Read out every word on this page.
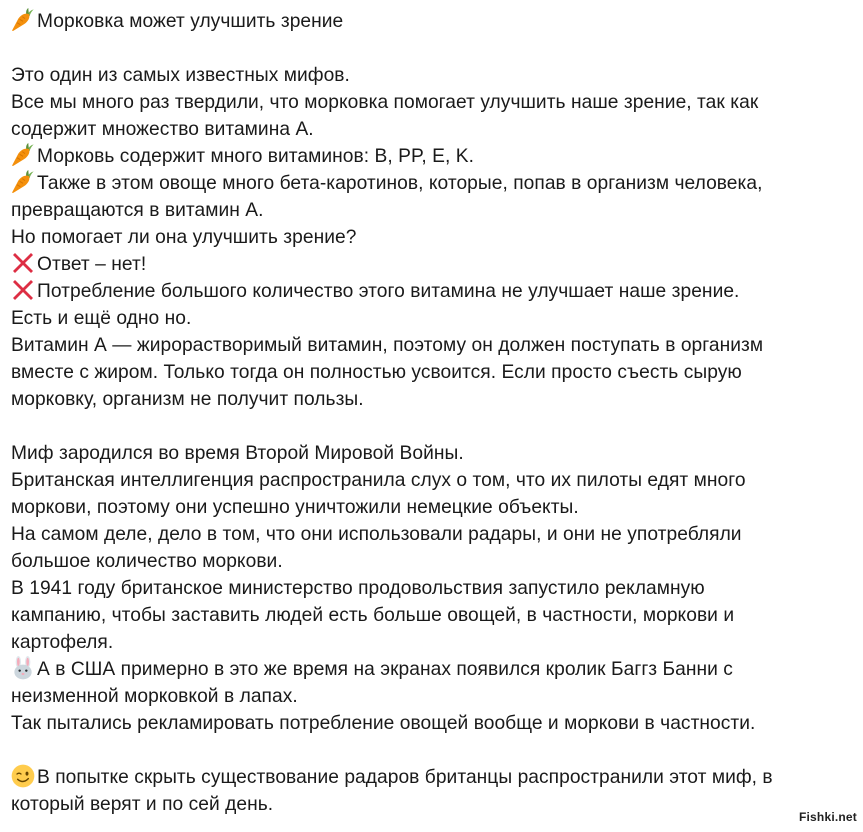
Морковка может улучшить зрение
Это один из самых известных мифов.
Все мы много раз твердили, что морковка помогает улучшить наше зрение, так как
содержит множество витамина А.
Морковь содержит много витаминов: B, PP, E, K.
Также в этом овоще много бета-каротинов, которые, попав в организм человека,
превращаются в витамин А.
Но помогает ли она улучшить зрение?
Ответ – нет!
Потребление большого количество этого витамина не улучшает наше зрение.
Есть и ещё одно но.
Витамин А — жирорастворимый витамин, поэтому он должен поступать в организм
вместе с жиром. Только тогда он полностью усвоится. Если просто съесть сырую
морковку, организм не получит пользы.
Миф зародился во время Второй Мировой Войны.
Британская интеллигенция распространила слух о том, что их пилоты едят много
моркови, поэтому они успешно уничтожили немецкие объекты.
На самом деле, дело в том, что они использовали радары, и они не употребляли
большое количество моркови.
В 1941 году британское министерство продовольствия запустило рекламную
кампанию, чтобы заставить людей есть больше овощей, в частности, моркови и
картофеля.
А в США примерно в это же время на экранах появился кролик Баггз Банни с
неизменной морковкой в лапах.
Так пытались рекламировать потребление овощей вообще и моркови в частности.
В попытке скрыть существование радаров британцы распространили этот миф, в
который верят и по сей день.
Fishki.net
